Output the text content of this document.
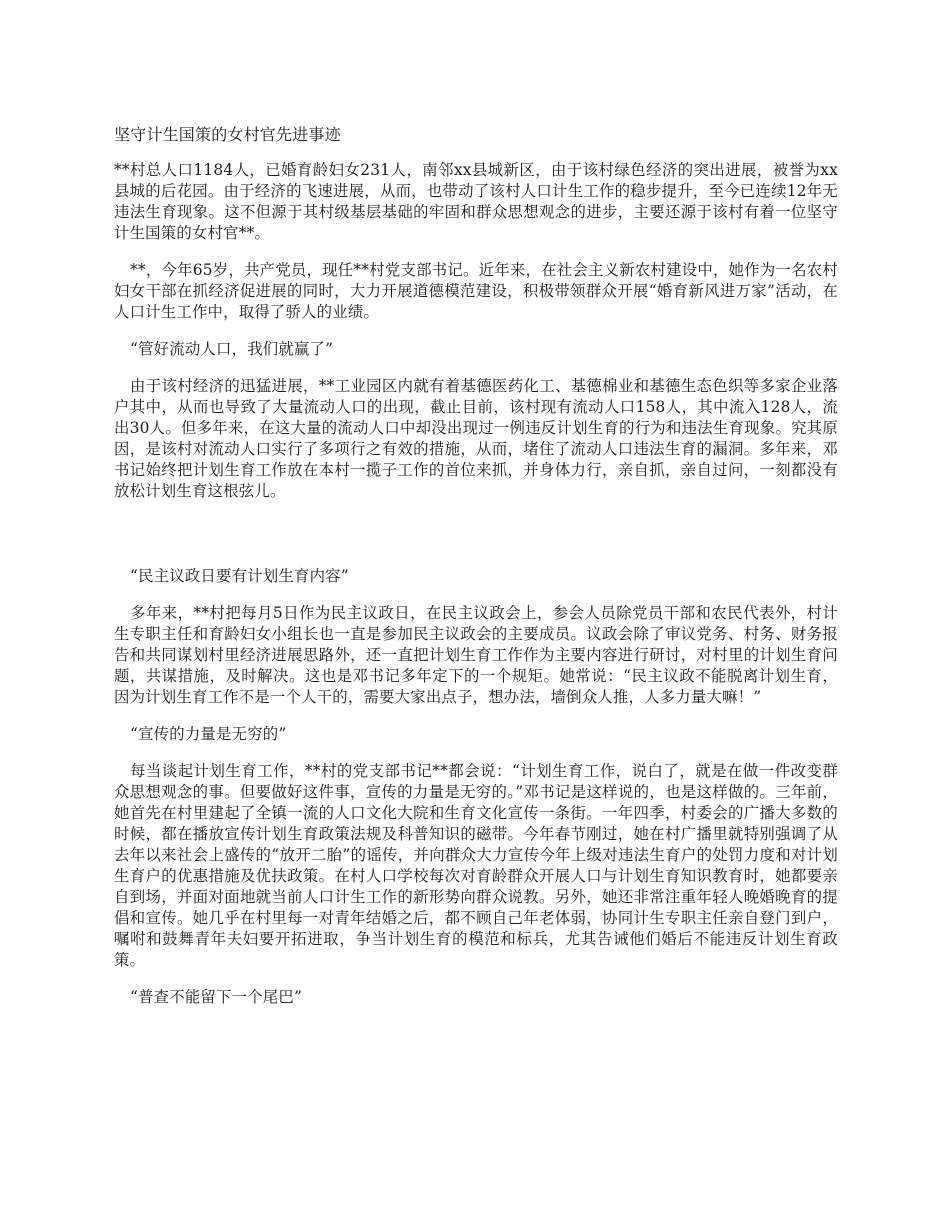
坚守计生国策的女村官先进事迹

**村总人口1184人，已婚育龄妇女231人，南邻xx县城新区，由于该村绿色经济的突出进展，被誉为xx县城的后花园。由于经济的飞速进展，从而，也带动了该村人口计生工作的稳步提升，至今已连续12年无违法生育现象。这不但源于其村级基层基础的牢固和群众思想观念的进步，主要还源于该村有着一位坚守计生国策的女村官**。

**，今年65岁，共产党员，现任**村党支部书记。近年来，在社会主义新农村建设中，她作为一名农村妇女干部在抓经济促进展的同时，大力开展道德模范建设，积极带领群众开展“婚育新风进万家”活动，在人口计生工作中，取得了骄人的业绩。

“管好流动人口，我们就赢了”

由于该村经济的迅猛进展，**工业园区内就有着基德医药化工、基德棉业和基德生态色织等多家企业落户其中，从而也导致了大量流动人口的出现，截止目前，该村现有流动人口158人，其中流入128人，流出30人。但多年来，在这大量的流动人口中却没出现过一例违反计划生育的行为和违法生育现象。究其原因，是该村对流动人口实行了多项行之有效的措施，从而，堵住了流动人口违法生育的漏洞。多年来，邓书记始终把计划生育工作放在本村一揽子工作的首位来抓，并身体力行，亲自抓，亲自过问，一刻都没有放松计划生育这根弦儿。

“民主议政日要有计划生育内容”

多年来，**村把每月5日作为民主议政日，在民主议政会上，参会人员除党员干部和农民代表外，村计生专职主任和育龄妇女小组长也一直是参加民主议政会的主要成员。议政会除了审议党务、村务、财务报告和共同谋划村里经济进展思路外，还一直把计划生育工作作为主要内容进行研讨，对村里的计划生育问题，共谋措施，及时解决。这也是邓书记多年定下的一个规矩。她常说：“民主议政不能脱离计划生育，因为计划生育工作不是一个人干的，需要大家出点子，想办法，墙倒众人推，人多力量大嘛！”

“宣传的力量是无穷的”

每当谈起计划生育工作，**村的党支部书记**都会说：“计划生育工作，说白了，就是在做一件改变群众思想观念的事。但要做好这件事，宣传的力量是无穷的。”邓书记是这样说的，也是这样做的。三年前，她首先在村里建起了全镇一流的人口文化大院和生育文化宣传一条街。一年四季，村委会的广播大多数的时候，都在播放宣传计划生育政策法规及科普知识的磁带。今年春节刚过，她在村广播里就特别强调了从去年以来社会上盛传的“放开二胎”的谣传，并向群众大力宣传今年上级对违法生育户的处罚力度和对计划生育户的优惠措施及优扶政策。在村人口学校每次对育龄群众开展人口与计划生育知识教育时，她都要亲自到场，并面对面地就当前人口计生工作的新形势向群众说教。另外，她还非常注重年轻人晚婚晚育的提倡和宣传。她几乎在村里每一对青年结婚之后，都不顾自己年老体弱，协同计生专职主任亲自登门到户，嘱咐和鼓舞青年夫妇要开拓进取，争当计划生育的模范和标兵，尤其告诫他们婚后不能违反计划生育政策。

“普查不能留下一个尾巴”
